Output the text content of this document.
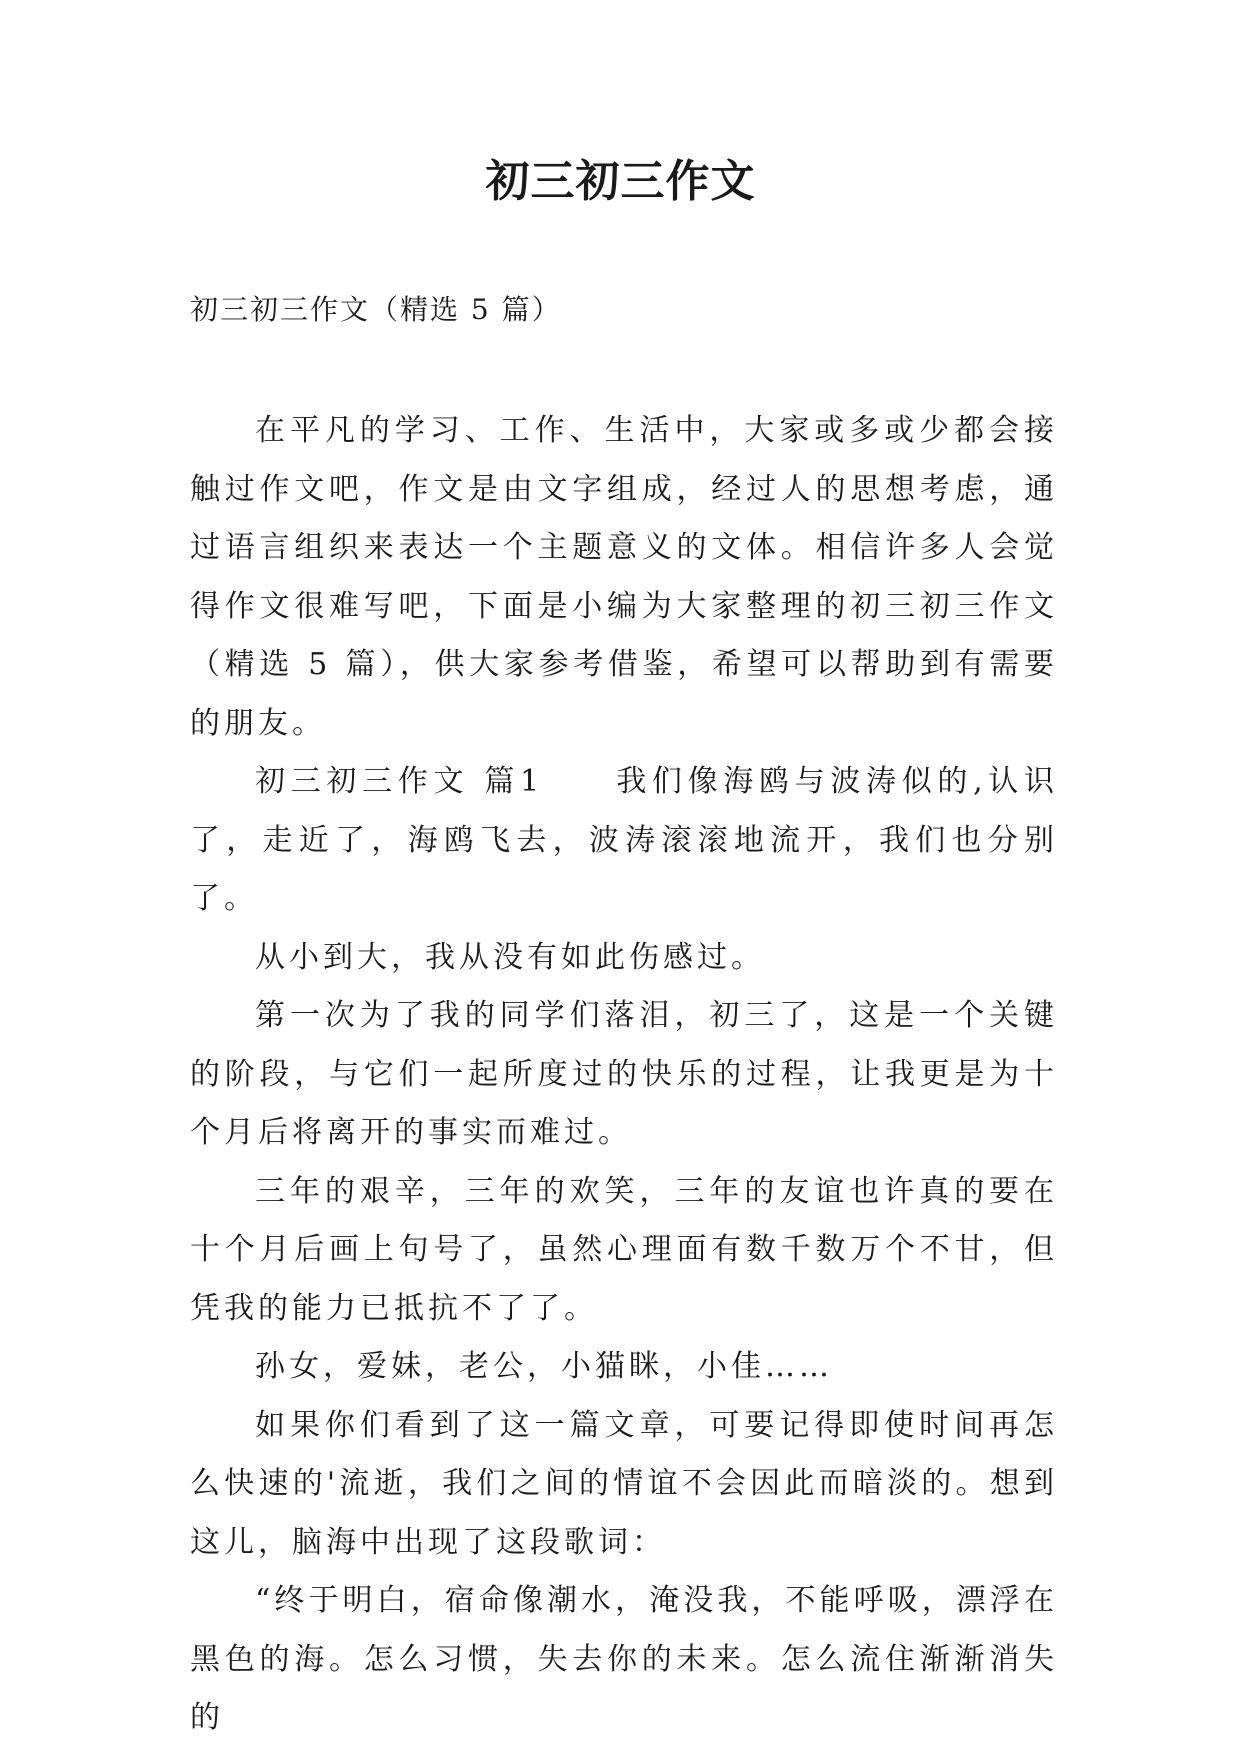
初三初三作文
初三初三作文（精选 5 篇）

在平凡的学习、工作、生活中，大家或多或少都会接触过作文吧，作文是由文字组成，经过人的思想考虑，通过语言组织来表达一个主题意义的文体。相信许多人会觉得作文很难写吧，下面是小编为大家整理的初三初三作文（精选 5 篇），供大家参考借鉴，希望可以帮助到有需要的朋友。

初三初三作文 篇1　　我们像海鸥与波涛似的,认识了，走近了，海鸥飞去，波涛滚滚地流开，我们也分别了。

从小到大，我从没有如此伤感过。

第一次为了我的同学们落泪，初三了，这是一个关键的阶段，与它们一起所度过的快乐的过程，让我更是为十个月后将离开的事实而难过。

三年的艰辛，三年的欢笑，三年的友谊也许真的要在十个月后画上句号了，虽然心理面有数千数万个不甘，但凭我的能力已抵抗不了了。

孙女，爱妹，老公，小猫眯，小佳……

如果你们看到了这一篇文章，可要记得即使时间再怎么快速的'流逝，我们之间的情谊不会因此而暗淡的。想到这儿，脑海中出现了这段歌词：

“终于明白，宿命像潮水，淹没我，不能呼吸，漂浮在黑色的海。怎么习惯，失去你的未来。怎么流住渐渐消失的
